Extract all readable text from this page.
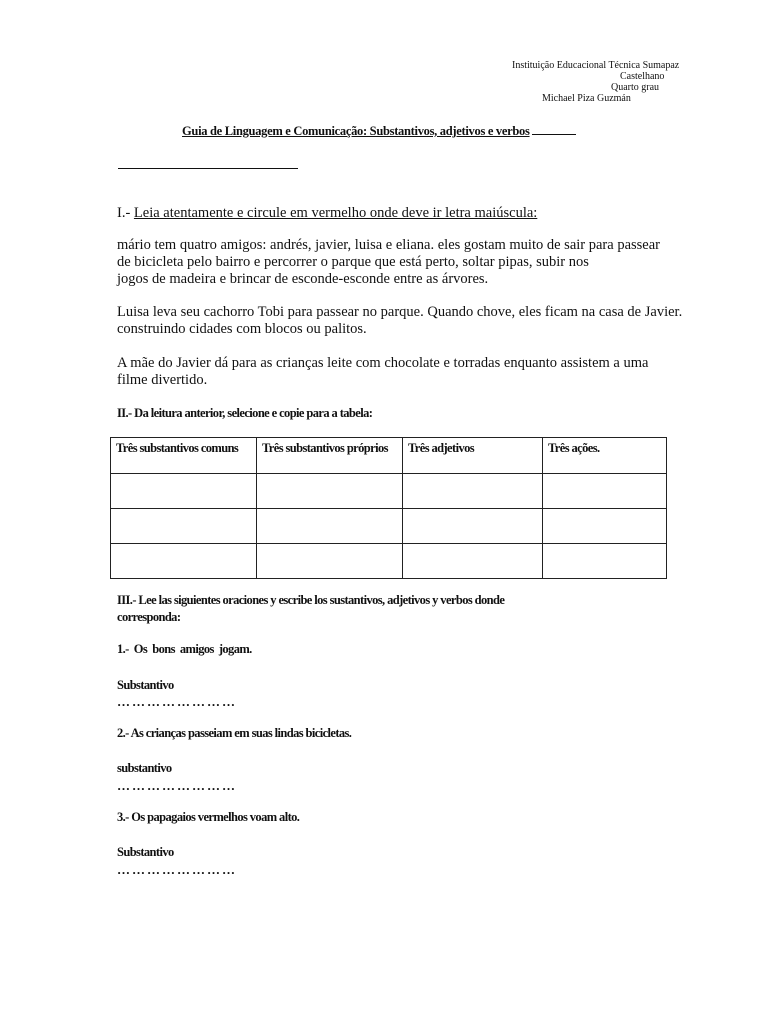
Instituição Educacional Técnica Sumapaz
Castelhano
Quarto grau
Michael Piza Guzmán
Guia de Linguagem e Comunicação: Substantivos, adjetivos e verbos
I.- Leia atentamente e circule em vermelho onde deve ir letra maiúscula:
mário tem quatro amigos: andrés, javier, luisa e eliana. eles gostam muito de sair para passear
de bicicleta pelo bairro e percorrer o parque que está perto, soltar pipas, subir nos
jogos de madeira e brincar de esconde-esconde entre as árvores.
Luisa leva seu cachorro Tobi para passear no parque. Quando chove, eles ficam na casa de Javier.
construindo cidades com blocos ou palitos.
A mãe do Javier dá para as crianças leite com chocolate e torradas enquanto assistem a uma
filme divertido.
II.- Da leitura anterior, selecione e copie para a tabela:
Três substantivos comuns	Três substantivos próprios	Três adjetivos	Três ações.

III.- Lee las siguientes oraciones y escribe los sustantivos, adjetivos y verbos donde
corresponda:
1.-  Os  bons  amigos  jogam.
Substantivo
……………………
2.- As crianças passeiam em suas lindas bicicletas.
substantivo
……………………
3.- Os papagaios vermelhos voam alto.
Substantivo
……………………
